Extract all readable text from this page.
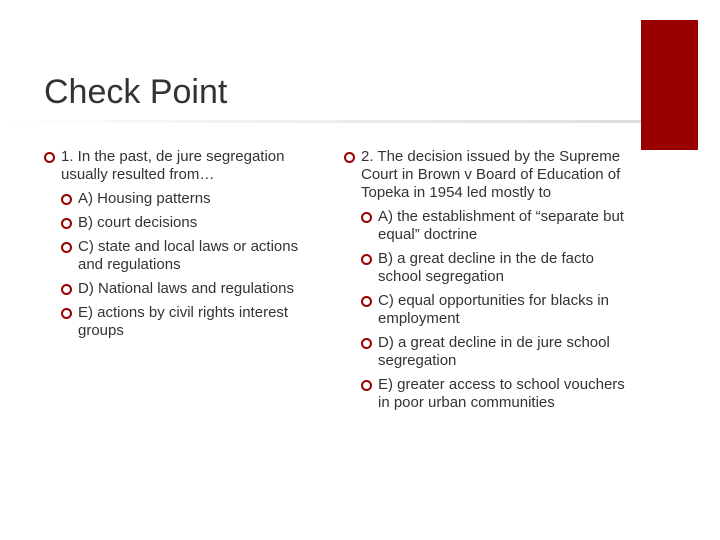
Check Point
1. In the past, de jure segregation usually resulted from…
A) Housing patterns
B) court decisions
C) state and local laws or actions and regulations
D) National laws and regulations
E) actions by civil rights interest groups
2. The decision issued by the Supreme Court in Brown v Board of Education of Topeka in 1954 led mostly to
A) the establishment of “separate but equal” doctrine
B) a great decline in the de facto school segregation
C) equal opportunities for blacks in employment
D) a great decline in de jure school segregation
E) greater access to school vouchers in poor urban communities
